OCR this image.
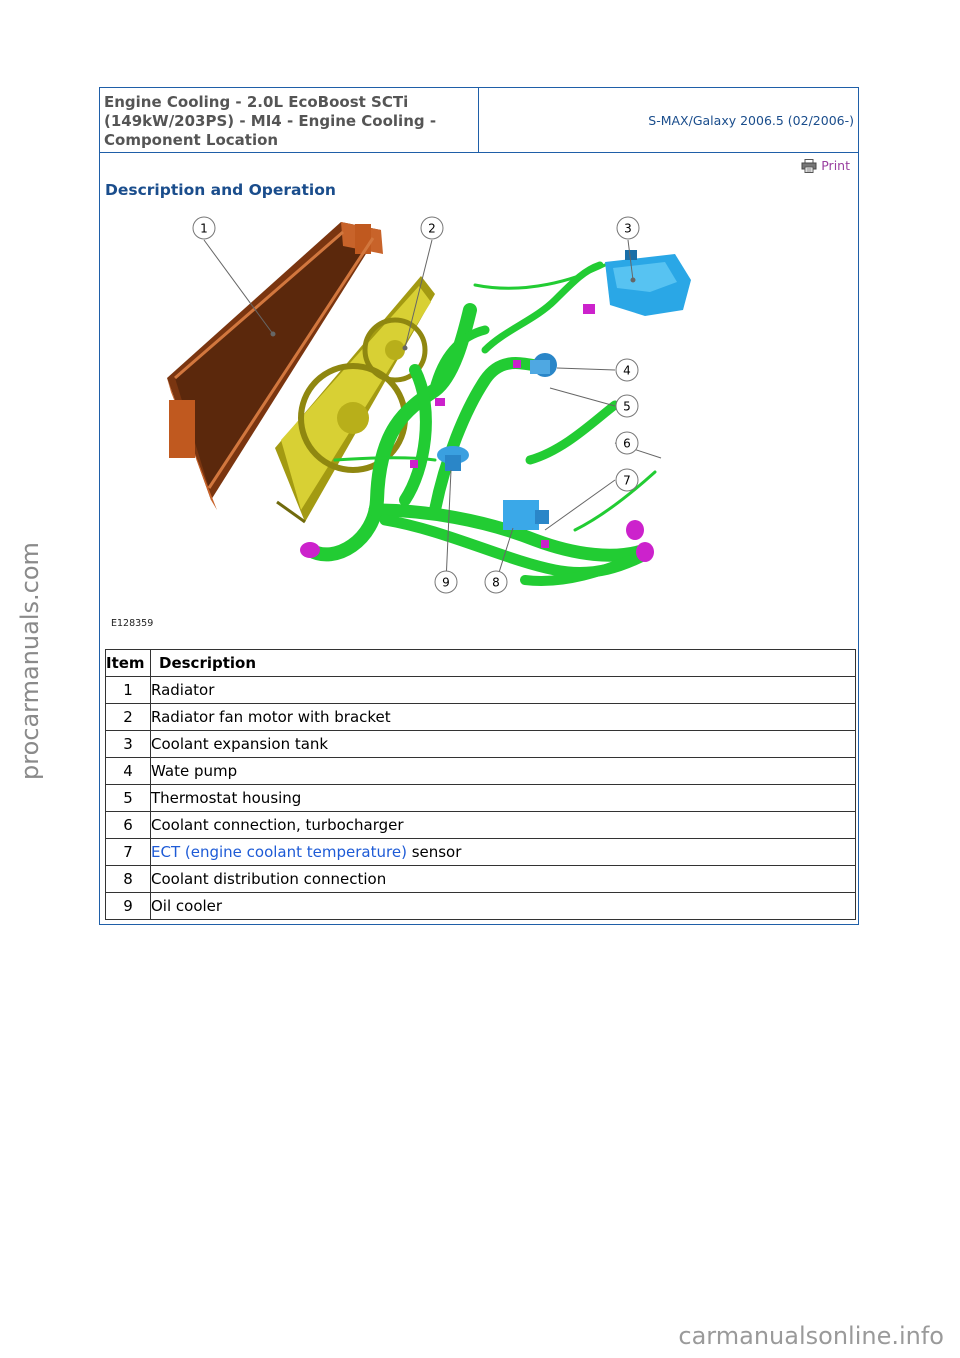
Engine Cooling - 2.0L EcoBoost SCTi (149kW/203PS) - MI4 - Engine Cooling - Component Location
S-MAX/Galaxy 2006.5 (02/2006-)
Print
Description and Operation
1	2	3
4
5
6
7
8
9
E128359
Item	Description
1	Radiator
2	Radiator fan motor with bracket
3	Coolant expansion tank
4	Wate pump
5	Thermostat housing
6	Coolant connection, turbocharger
7	ECT (engine coolant temperature) sensor
8	Coolant distribution connection
9	Oil cooler
procarmanuals.com
carmanualsonline.info
